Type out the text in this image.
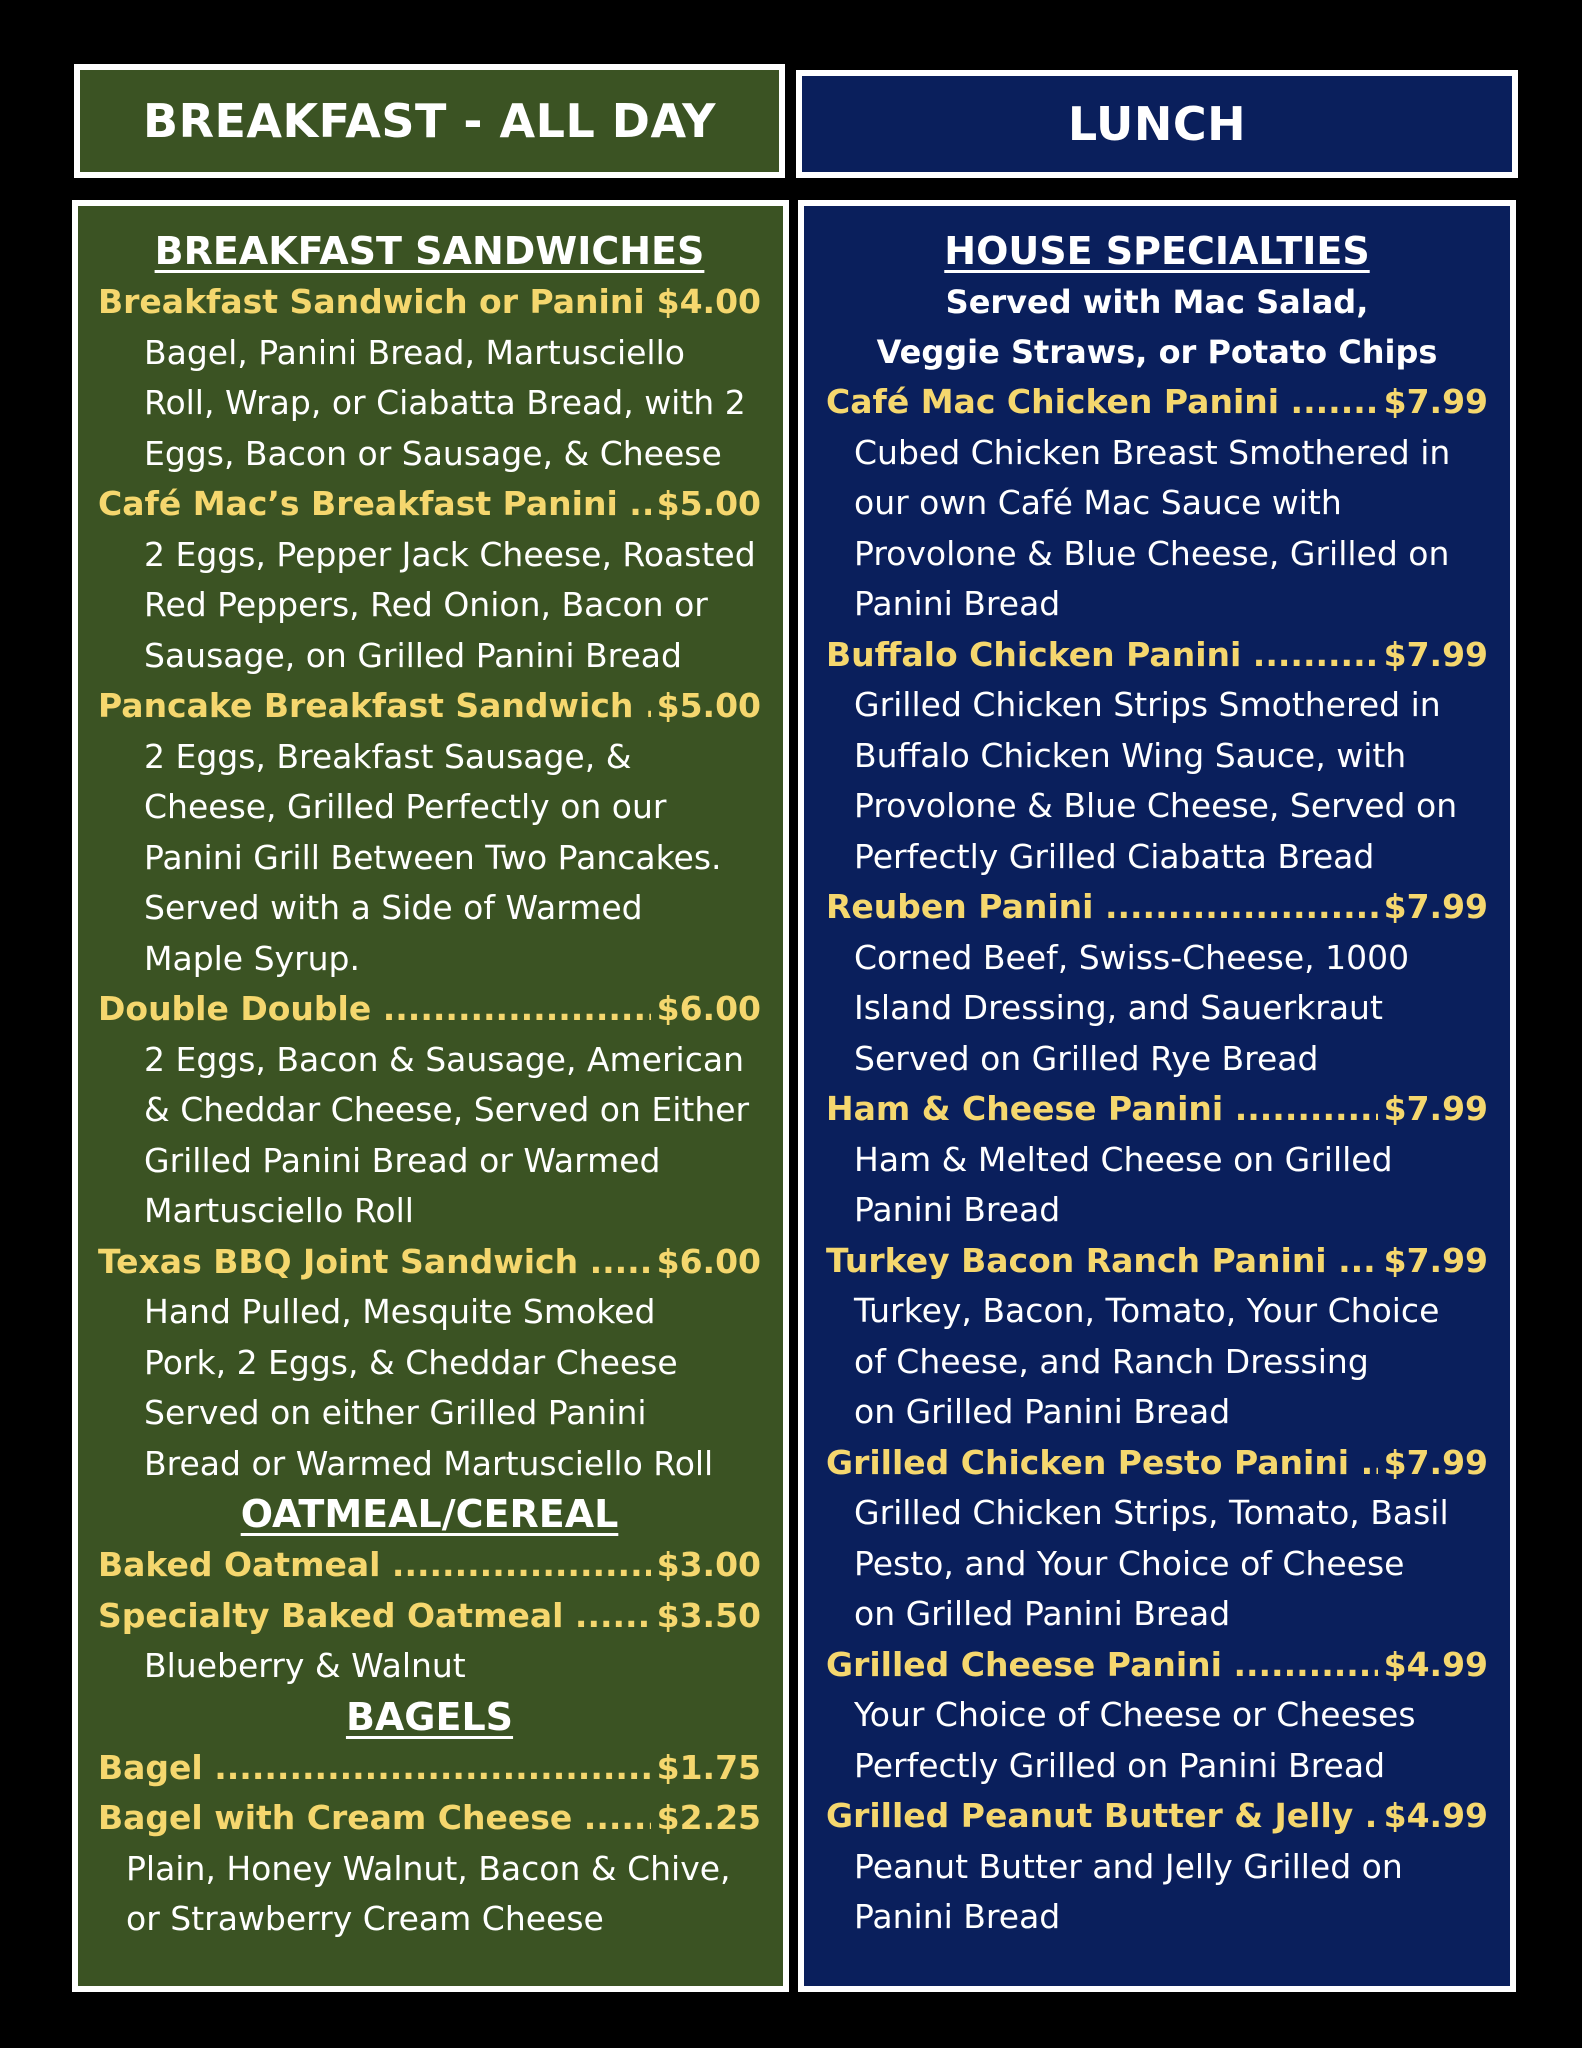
BREAKFAST - ALL DAY	LUNCH
BREAKFAST SANDWICHES
Breakfast Sandwich or Panini ..... $4.00
Bagel, Panini Bread, Martusciello
Roll, Wrap, or Ciabatta Bread, with 2
Eggs, Bacon or Sausage, & Cheese
Café Mac’s Breakfast Panini .....	$5.00
2 Eggs, Pepper Jack Cheese, Roasted
Red Peppers, Red Onion, Bacon or
Sausage, on Grilled Panini Bread
Pancake Breakfast Sandwich ..... $5.00
2 Eggs, Breakfast Sausage, &
Cheese, Grilled Perfectly on our
Panini Grill Between Two Pancakes.
Served with a Side of Warmed
Maple Syrup.
Double Double .....	$6.00
2 Eggs, Bacon & Sausage, American
& Cheddar Cheese, Served on Either
Grilled Panini Bread or Warmed
Martusciello Roll
Texas BBQ Joint Sandwich .....	$6.00
Hand Pulled, Mesquite Smoked
Pork, 2 Eggs, & Cheddar Cheese
Served on either Grilled Panini
Bread or Warmed Martusciello Roll
OATMEAL/CEREAL
Baked Oatmeal .....	$3.00
Specialty Baked Oatmeal .....	$3.50
Blueberry & Walnut
BAGELS
Bagel .....	$1.75
Bagel with Cream Cheese .....	$2.25
Plain, Honey Walnut, Bacon & Chive,
or Strawberry Cream Cheese
HOUSE SPECIALTIES
Served with Mac Salad,
Veggie Straws, or Potato Chips
Café Mac Chicken Panini .....	$7.99
Cubed Chicken Breast Smothered in
our own Café Mac Sauce with
Provolone & Blue Cheese, Grilled on
Panini Bread
Buffalo Chicken Panini .....	$7.99
Grilled Chicken Strips Smothered in
Buffalo Chicken Wing Sauce, with
Provolone & Blue Cheese, Served on
Perfectly Grilled Ciabatta Bread
Reuben Panini .....	$7.99
Corned Beef, Swiss-Cheese, 1000
Island Dressing, and Sauerkraut
Served on Grilled Rye Bread
Ham & Cheese Panini .....	$7.99
Ham & Melted Cheese on Grilled
Panini Bread
Turkey Bacon Ranch Panini .....	$7.99
Turkey, Bacon, Tomato, Your Choice
of Cheese, and Ranch Dressing
on Grilled Panini Bread
Grilled Chicken Pesto Panini .....	$7.99
Grilled Chicken Strips, Tomato, Basil
Pesto, and Your Choice of Cheese
on Grilled Panini Bread
Grilled Cheese Panini .....	$4.99
Your Choice of Cheese or Cheeses
Perfectly Grilled on Panini Bread
Grilled Peanut Butter & Jelly ..... $4.99
Peanut Butter and Jelly Grilled on
Panini Bread
